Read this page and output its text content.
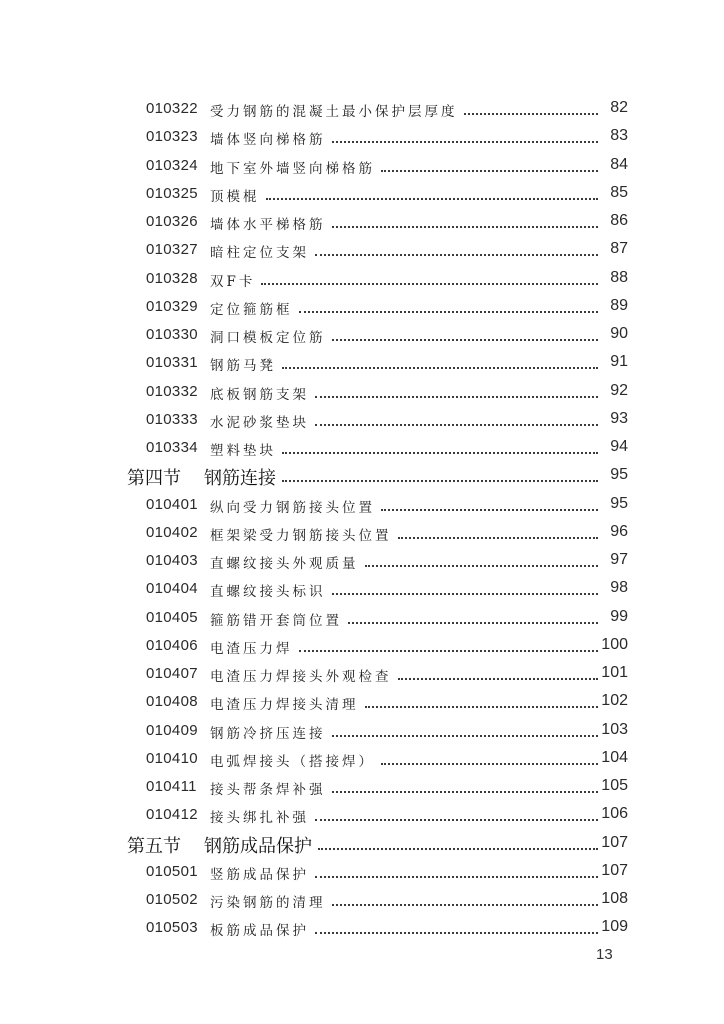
010322 受力钢筋的混凝土最小保护层厚度	82
010323 墙体竖向梯格筋	83
010324 地下室外墙竖向梯格筋	84
010325 顶模棍	85
010326 墙体水平梯格筋	86
010327 暗柱定位支架	87
010328 双F卡	88
010329 定位箍筋框	89
010330 洞口模板定位筋	90
010331 钢筋马凳	91
010332 底板钢筋支架	92
010333 水泥砂浆垫块	93
010334 塑料垫块	94
第四节 钢筋连接	95
010401 纵向受力钢筋接头位置	95
010402 框架梁受力钢筋接头位置	96
010403 直螺纹接头外观质量	97
010404 直螺纹接头标识	98
010405 箍筋错开套筒位置	99
010406 电渣压力焊	100
010407 电渣压力焊接头外观检查	101
010408 电渣压力焊接头清理	102
010409 钢筋冷挤压连接	103
010410 电弧焊接头（搭接焊）	104
010411 接头帮条焊补强	105
010412 接头绑扎补强	106
第五节 钢筋成品保护	107
010501 竖筋成品保护	107
010502 污染钢筋的清理	108
010503 板筋成品保护	109
13
